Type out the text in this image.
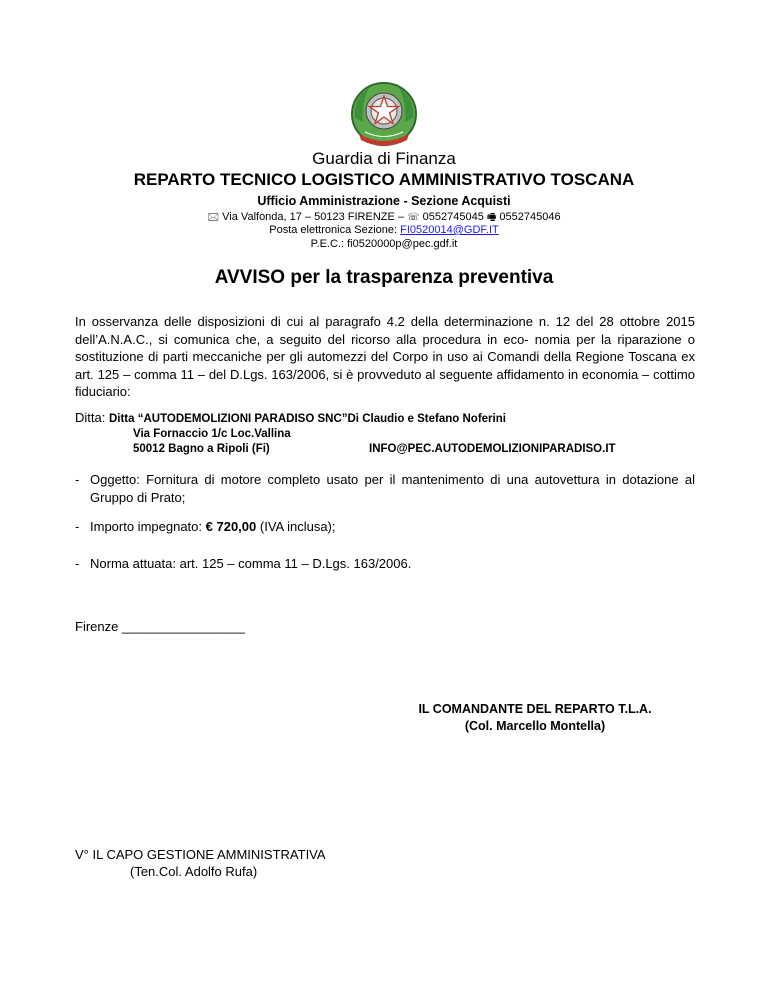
Guardia di Finanza
REPARTO TECNICO LOGISTICO AMMINISTRATIVO TOSCANA
Ufficio Amministrazione - Sezione Acquisti
🖂 Via Valfonda, 17 – 50123 FIRENZE – ☏ 0552745045 🖷 0552745046
Posta elettronica Sezione: FI0520014@GDF.IT
P.E.C.: fi0520000p@pec.gdf.it
AVVISO per la trasparenza preventiva
In osservanza delle disposizioni di cui al paragrafo 4.2 della determinazione n. 12 del 28 ottobre 2015 dell’A.N.A.C., si comunica che, a seguito del ricorso alla procedura in eco- nomia per la riparazione o sostituzione di parti meccaniche per gli automezzi del Corpo in uso ai Comandi della Regione Toscana ex art. 125 – comma 11 – del D.Lgs. 163/2006, si è provveduto al seguente affidamento in economia – cottimo fiduciario:
Ditta: Ditta “AUTODEMOLIZIONI PARADISO SNC”Di Claudio e Stefano Noferini
Via Fornaccio 1/c Loc.Vallina
50012 Bagno a Ripoli (Fi)	INFO@PEC.AUTODEMOLIZIONIPARADISO.IT
- Oggetto: Fornitura di motore completo usato per il mantenimento di una autovettura in dotazione al Gruppo di Prato;
- Importo impegnato: € 720,00 (IVA inclusa);
- Norma attuata: art. 125 – comma 11 – D.Lgs. 163/2006.
Firenze _________________
IL COMANDANTE DEL REPARTO T.L.A.
(Col. Marcello Montella)
V° IL CAPO GESTIONE AMMINISTRATIVA
(Ten.Col. Adolfo Rufa)
